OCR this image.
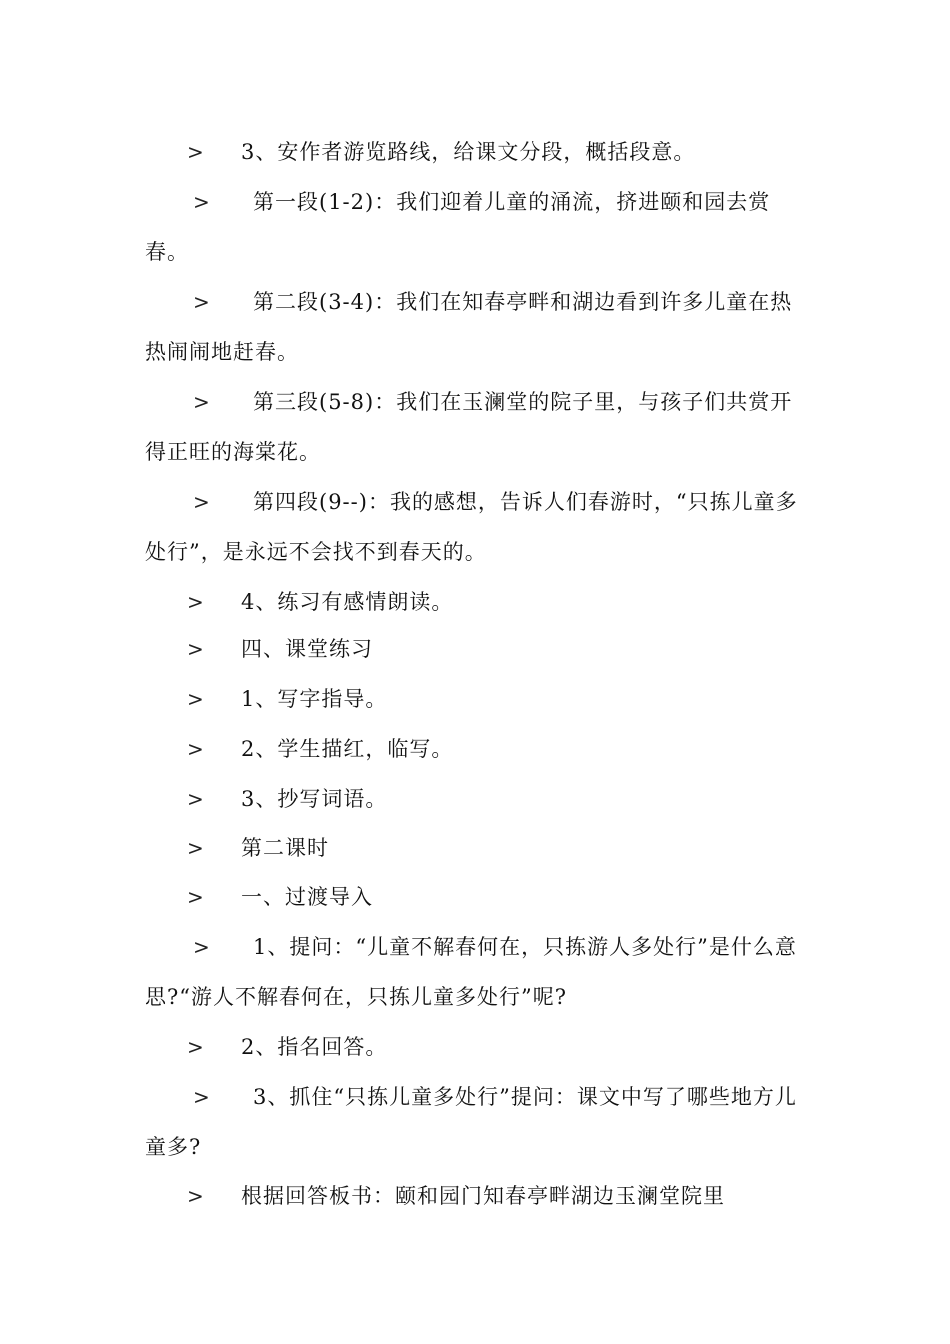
> 3、安作者游览路线，给课文分段，概括段意。

> 第一段(1-2)：我们迎着儿童的涌流，挤进颐和园去赏春。

> 第二段(3-4)：我们在知春亭畔和湖边看到许多儿童在热热闹闹地赶春。

> 第三段(5-8)：我们在玉澜堂的院子里，与孩子们共赏开得正旺的海棠花。

> 第四段(9--)：我的感想，告诉人们春游时，“只拣儿童多处行”，是永远不会找不到春天的。

> 4、练习有感情朗读。

> 四、课堂练习

> 1、写字指导。

> 2、学生描红，临写。

> 3、抄写词语。

> 第二课时

> 一、过渡导入

> 1、提问：“儿童不解春何在，只拣游人多处行”是什么意思?“游人不解春何在，只拣儿童多处行”呢?

> 2、指名回答。

> 3、抓住“只拣儿童多处行”提问：课文中写了哪些地方儿童多?

> 根据回答板书：颐和园门知春亭畔湖边玉澜堂院里
